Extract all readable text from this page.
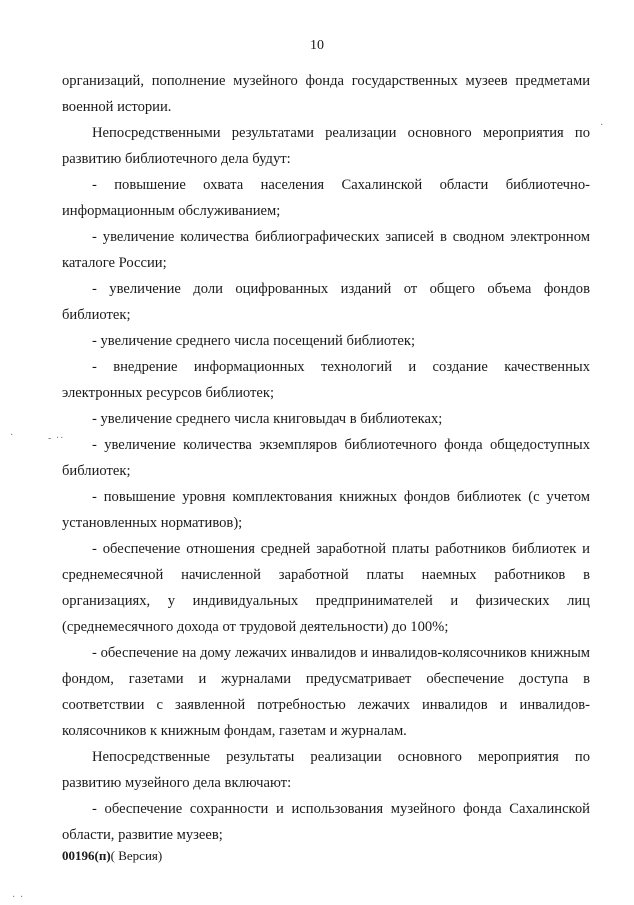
10

организаций, пополнение музейного фонда государственных музеев предметами военной истории.

Непосредственными результатами реализации основного мероприятия по развитию библиотечного дела будут:

- повышение охвата населения Сахалинской области библиотечно-информационным обслуживанием;

- увеличение количества библиографических записей в сводном электронном каталоге России;

- увеличение доли оцифрованных изданий от общего объема фондов библиотек;

- увеличение среднего числа посещений библиотек;

- внедрение информационных технологий и создание качественных электронных ресурсов библиотек;

- увеличение среднего числа книговыдач в библиотеках;

- увеличение количества экземпляров библиотечного фонда общедоступных библиотек;

- повышение уровня комплектования книжных фондов библиотек (с учетом установленных нормативов);

- обеспечение отношения средней заработной платы работников библиотек и среднемесячной начисленной заработной платы наемных работников в организациях, у индивидуальных предпринимателей и физических лиц (среднемесячного дохода от трудовой деятельности) до 100%;

- обеспечение на дому лежачих инвалидов и инвалидов-колясочников книжным фондом, газетами и журналами предусматривает обеспечение доступа в соответствии с заявленной потребностью лежачих инвалидов и инвалидов-колясочников к книжным фондам, газетам и журналам.

Непосредственные результаты реализации основного мероприятия по развитию музейного дела включают:

- обеспечение сохранности и использования музейного фонда Сахалинской области, развитие музеев;

00196(п)( Версия)
·	- ··
·
· ·
